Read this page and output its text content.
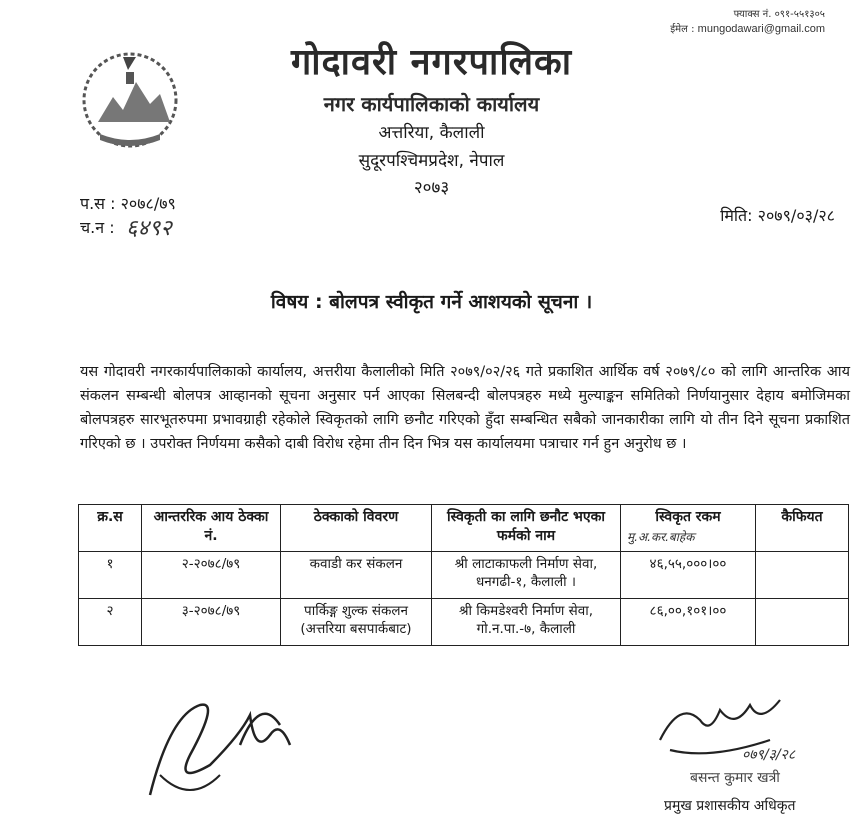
फ्याक्स नं. ०९१-५५१३०५
ईमेल : mungodawari@gmail.com
गोदावरी नगरपालिका
नगर कार्यपालिकाको कार्यालय
अत्तरिया, कैलाली
सुदूरपश्चिमप्रदेश, नेपाल
२०७३
प.स : २०७८/७९
च.न : ६४९२
मिति: २०७९/०३/२८
विषय : बोलपत्र स्वीकृत गर्ने आशयको सूचना ।
यस गोदावरी नगरकार्यपालिकाको कार्यालय, अत्तरीया कैलालीको मिति २०७९/०२/२६ गते प्रकाशित आर्थिक वर्ष २०७९/८० को लागि आन्तरिक आय संकलन सम्बन्धी बोलपत्र आव्हानको सूचना अनुसार पर्न आएका सिलबन्दी बोलपत्रहरु मध्ये मुल्याङ्कन समितिको निर्णयानुसार देहाय बमोजिमका बोलपत्रहरु सारभूतरुपमा प्रभावग्राही रहेकोले स्विकृतको लागि छनौट गरिएको हुँदा सम्बन्धित सबैको जानकारीका लागि यो तीन दिने सूचना प्रकाशित गरिएको छ । उपरोक्त निर्णयमा कसैको दाबी विरोध रहेमा तीन दिन भित्र यस कार्यालयमा पत्राचार गर्न हुन अनुरोध छ ।
क्र.स	आन्तररिक आय ठेक्का नं.	ठेक्काको विवरण	स्विकृती का लागि छनौट भएका फर्मको नाम	स्विकृत रकम	कैफियत
१	२-२०७८/७९	कवाडी कर संकलन	श्री लाटाकाफली निर्माण सेवा, धनगढी-१, कैलाली ।	४६,५५,०००।००	
२	३-२०७८/७९	पार्किङ्ग शुल्क संकलन (अत्तरिया बसपार्कबाट)	श्री किमडेश्वरी निर्माण सेवा, गो.न.पा.-७, कैलाली	८६,००,१०१।००	
मु.अ.कर.बाहेक
०७९/३/२८
बसन्त कुमार खत्री
प्रमुख प्रशासकीय अधिकृत
